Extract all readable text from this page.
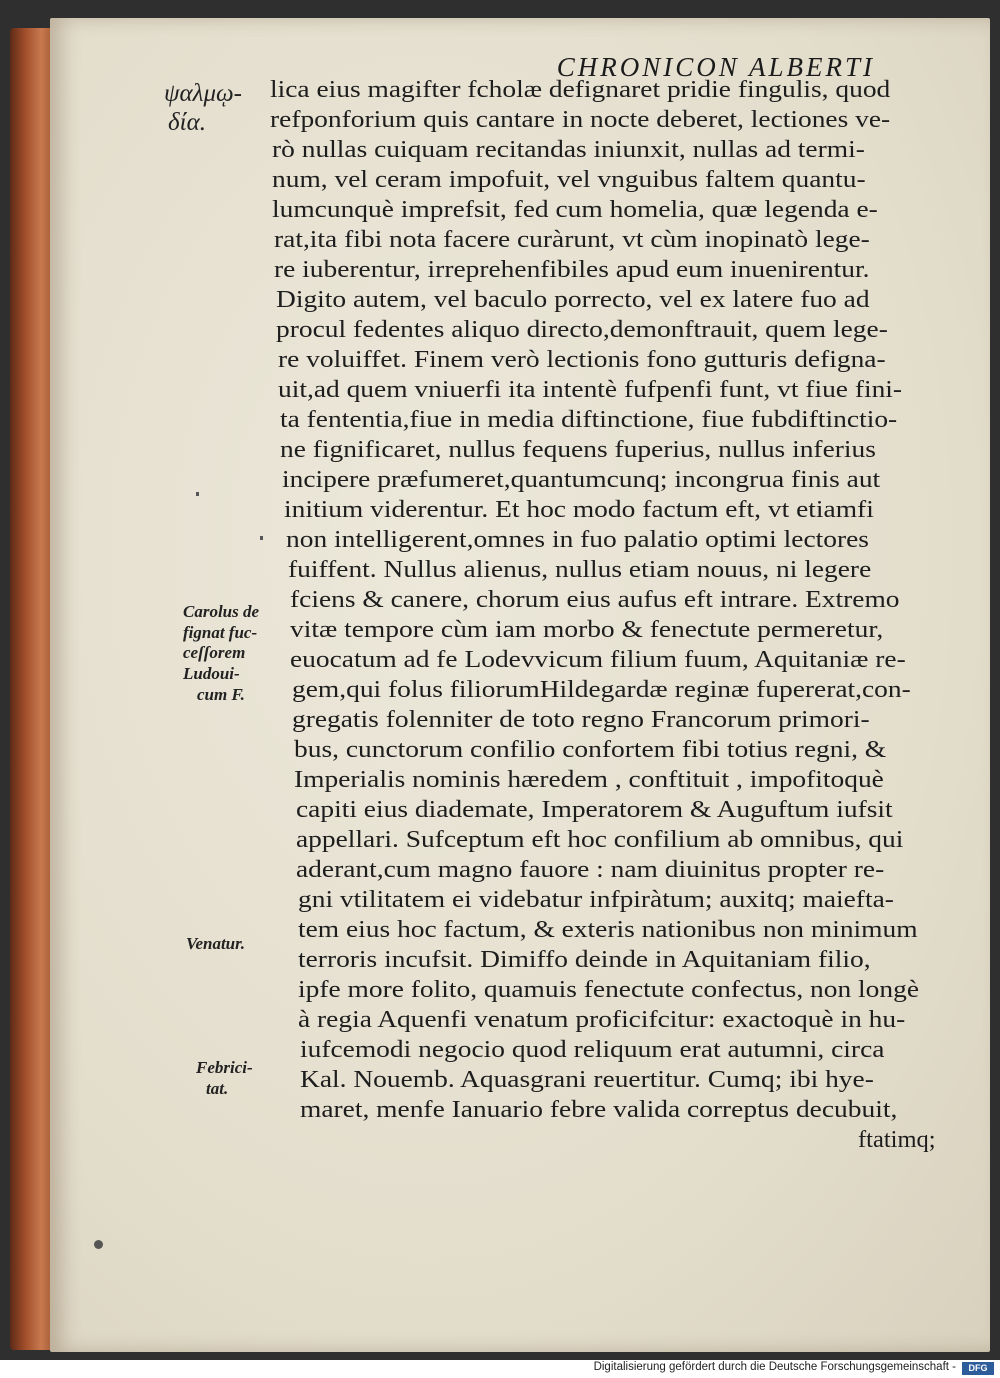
CHRONICON ALBERTI
ψαλμῳ-
δία.
Carolus de
fignat fuc-
ceſſorem
Ludoui-
cum F.
Venatur.
Febrici-
tat.
lica eius magifter fcholæ defignaret pridie fingulis, quod
refponforium quis cantare in nocte deberet, lectiones ve-
rò nullas cuiquam recitandas iniunxit, nullas ad termi-
num, vel ceram impofuit, vel vnguibus faltem quantu-
lumcunquè imprefsit, fed cum homelia, quæ legenda e-
rat,ita fibi nota facere curàrunt, vt cùm inopinatò lege-
re iuberentur, irreprehenfibiles apud eum inuenirentur.
Digito autem, vel baculo porrecto, vel ex latere fuo ad
procul fedentes aliquo directo,demonftrauit, quem lege-
re voluiffet. Finem verò lectionis fono gutturis defigna-
uit,ad quem vniuerfi ita intentè fufpenfi funt, vt fiue fini-
ta fententia,fiue in media diftinctione, fiue fubdiftinctio-
ne fignificaret, nullus fequens fuperius, nullus inferius
incipere præfumeret,quantumcunq; incongrua finis aut
initium viderentur. Et hoc modo factum eft, vt etiamfi
non intelligerent,omnes in fuo palatio optimi lectores
fuiffent. Nullus alienus, nullus etiam nouus, ni legere
fciens & canere, chorum eius aufus eft intrare. Extremo
vitæ tempore cùm iam morbo & fenectute permeretur,
euocatum ad fe Lodevvicum filium fuum, Aquitaniæ re-
gem,qui folus filiorumHildegardæ reginæ fupererat,con-
gregatis folenniter de toto regno Francorum primori-
bus, cunctorum confilio confortem fibi totius regni, &
Imperialis nominis hæredem , conftituit , impofitoquè
capiti eius diademate, Imperatorem & Auguftum iufsit
appellari. Sufceptum eft hoc confilium ab omnibus, qui
aderant,cum magno fauore : nam diuinitus propter re-
gni vtilitatem ei videbatur infpiràtum; auxitq; maiefta-
tem eius hoc factum, & exteris nationibus non minimum
terroris incufsit. Dimiffo deinde in Aquitaniam filio,
ipfe more folito, quamuis fenectute confectus, non longè
à regia Aquenfi venatum proficifcitur: exactoquè in hu-
iufcemodi negocio quod reliquum erat autumni, circa
Kal. Nouemb. Aquasgrani reuertitur. Cumq; ibi hye-
maret, menfe Ianuario febre valida correptus decubuit,
ftatimq;
Digitalisierung gefördert durch die Deutsche Forschungsgemeinschaft -	DFG
